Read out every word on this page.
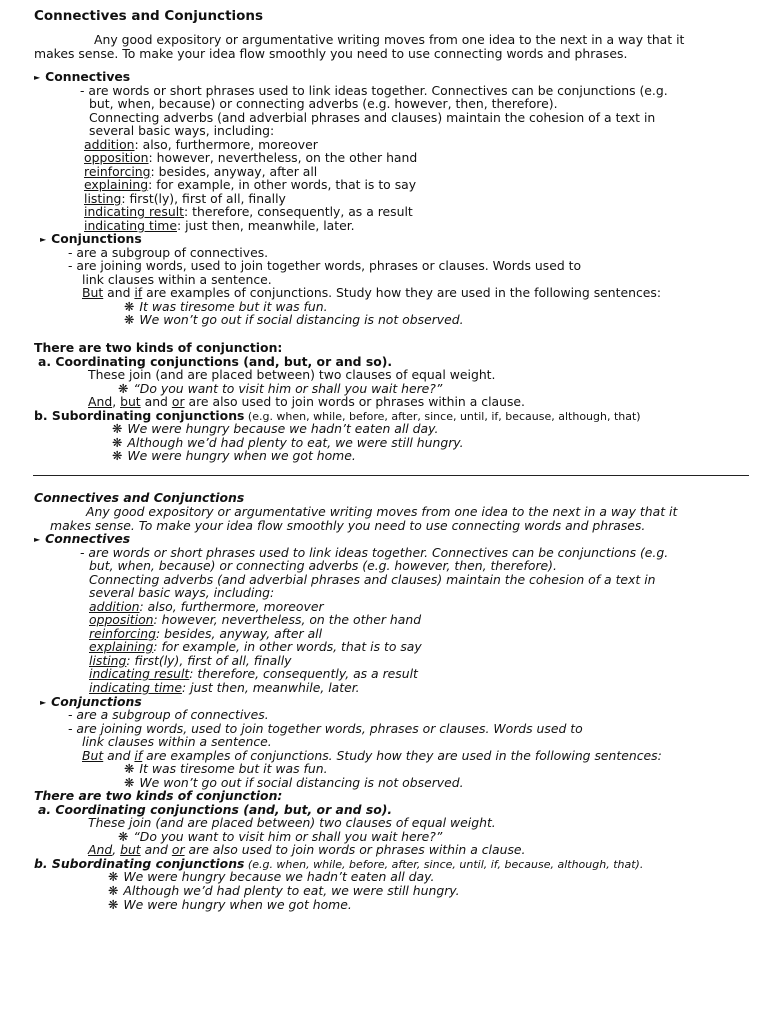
Connectives and Conjunctions
Any good expository or argumentative writing moves from one idea to the next in a way that it
makes sense. To make your idea flow smoothly you need to use connecting words and phrases.
► Connectives
- are words or short phrases used to link ideas together. Connectives can be conjunctions (e.g.
but, when, because) or connecting adverbs (e.g. however, then, therefore).
Connecting adverbs (and adverbial phrases and clauses) maintain the cohesion of a text in
several basic ways, including:
addition: also, furthermore, moreover
opposition: however, nevertheless, on the other hand
reinforcing: besides, anyway, after all
explaining: for example, in other words, that is to say
listing: first(ly), first of all, finally
indicating result: therefore, consequently, as a result
indicating time: just then, meanwhile, later.
► Conjunctions
- are a subgroup of connectives.
- are joining words, used to join together words, phrases or clauses. Words used to
link clauses within a sentence.
But and if are examples of conjunctions. Study how they are used in the following sentences:
❋ It was tiresome but it was fun.
❋ We won’t go out if social distancing is not observed.
There are two kinds of conjunction:
a. Coordinating conjunctions (and, but, or and so).
These join (and are placed between) two clauses of equal weight.
❋ “Do you want to visit him or shall you wait here?”
And, but and or are also used to join words or phrases within a clause.
b. Subordinating conjunctions (e.g. when, while, before, after, since, until, if, because, although, that)
❋ We were hungry because we hadn’t eaten all day.
❋ Although we’d had plenty to eat, we were still hungry.
❋ We were hungry when we got home.
Connectives and Conjunctions
Any good expository or argumentative writing moves from one idea to the next in a way that it
makes sense. To make your idea flow smoothly you need to use connecting words and phrases.
► Connectives
- are words or short phrases used to link ideas together. Connectives can be conjunctions (e.g.
but, when, because) or connecting adverbs (e.g. however, then, therefore).
Connecting adverbs (and adverbial phrases and clauses) maintain the cohesion of a text in
several basic ways, including:
addition: also, furthermore, moreover
opposition: however, nevertheless, on the other hand
reinforcing: besides, anyway, after all
explaining: for example, in other words, that is to say
listing: first(ly), first of all, finally
indicating result: therefore, consequently, as a result
indicating time: just then, meanwhile, later.
► Conjunctions
- are a subgroup of connectives.
- are joining words, used to join together words, phrases or clauses. Words used to
link clauses within a sentence.
But and if are examples of conjunctions. Study how they are used in the following sentences:
❋ It was tiresome but it was fun.
❋ We won’t go out if social distancing is not observed.
There are two kinds of conjunction:
a. Coordinating conjunctions (and, but, or and so).
These join (and are placed between) two clauses of equal weight.
❋ “Do you want to visit him or shall you wait here?”
And, but and or are also used to join words or phrases within a clause.
b. Subordinating conjunctions (e.g. when, while, before, after, since, until, if, because, although, that).
❋ We were hungry because we hadn’t eaten all day.
❋ Although we’d had plenty to eat, we were still hungry.
❋ We were hungry when we got home.
